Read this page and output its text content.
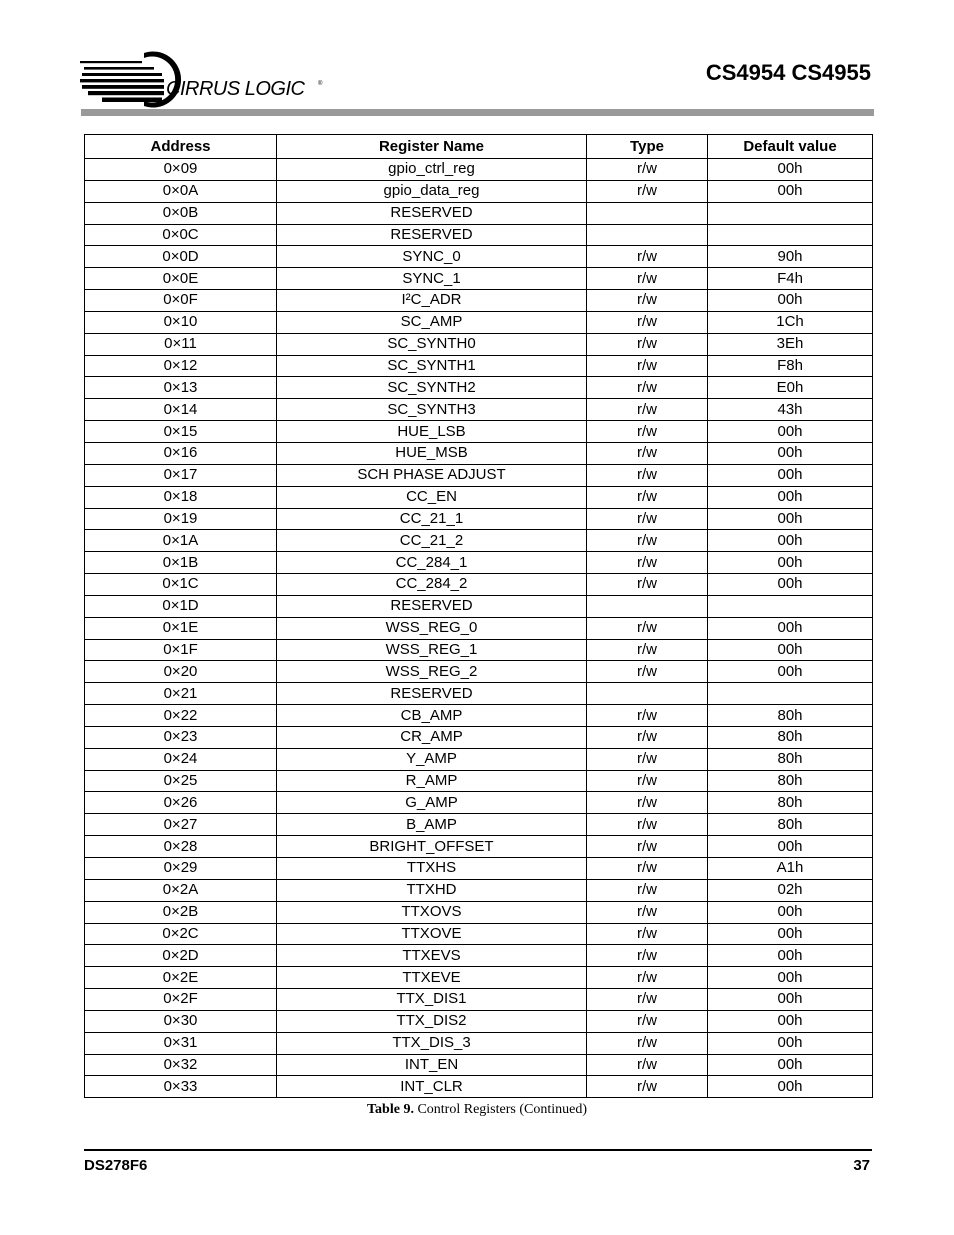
CIRRUS LOGIC ®	CS4954 CS4955
Address	Register Name	Type	Default value
0×09	gpio_ctrl_reg	r/w	00h
0×0A	gpio_data_reg	r/w	00h
0×0B	RESERVED		
0×0C	RESERVED		
0×0D	SYNC_0	r/w	90h
0×0E	SYNC_1	r/w	F4h
0×0F	I²C_ADR	r/w	00h
0×10	SC_AMP	r/w	1Ch
0×11	SC_SYNTH0	r/w	3Eh
0×12	SC_SYNTH1	r/w	F8h
0×13	SC_SYNTH2	r/w	E0h
0×14	SC_SYNTH3	r/w	43h
0×15	HUE_LSB	r/w	00h
0×16	HUE_MSB	r/w	00h
0×17	SCH PHASE ADJUST	r/w	00h
0×18	CC_EN	r/w	00h
0×19	CC_21_1	r/w	00h
0×1A	CC_21_2	r/w	00h
0×1B	CC_284_1	r/w	00h
0×1C	CC_284_2	r/w	00h
0×1D	RESERVED		
0×1E	WSS_REG_0	r/w	00h
0×1F	WSS_REG_1	r/w	00h
0×20	WSS_REG_2	r/w	00h
0×21	RESERVED		
0×22	CB_AMP	r/w	80h
0×23	CR_AMP	r/w	80h
0×24	Y_AMP	r/w	80h
0×25	R_AMP	r/w	80h
0×26	G_AMP	r/w	80h
0×27	B_AMP	r/w	80h
0×28	BRIGHT_OFFSET	r/w	00h
0×29	TTXHS	r/w	A1h
0×2A	TTXHD	r/w	02h
0×2B	TTXOVS	r/w	00h
0×2C	TTXOVE	r/w	00h
0×2D	TTXEVS	r/w	00h
0×2E	TTXEVE	r/w	00h
0×2F	TTX_DIS1	r/w	00h
0×30	TTX_DIS2	r/w	00h
0×31	TTX_DIS_3	r/w	00h
0×32	INT_EN	r/w	00h
0×33	INT_CLR	r/w	00h
Table 9. Control Registers (Continued)
DS278F6	37
